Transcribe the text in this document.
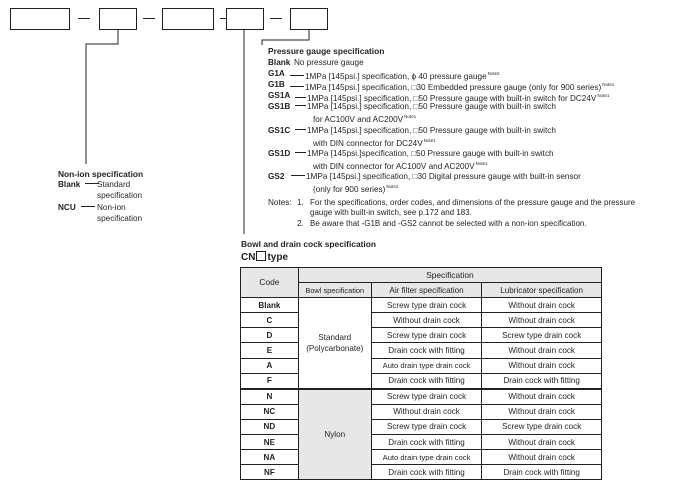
Non-ion specification
Blank	Standard
specification
NCU	Non-ion
specification
Pressure gauge specification
Blank No pressure gauge
G1A	1MPa [145psi.] specification, ϕ 40 pressure gauge$^{Note2}$
G1B	1MPa [145psi.] specification, □30 Embedded pressure gauge (only for 900 series)$^{Note1}$
GS1A	1MPa [145psi.] specification, □50 Pressure gauge with built-in switch for $DC24V^{Note1}$
GS1B	1MPa [145psi.] specification, □50 Pressure gauge with built-in switch
for AC100V and $AC200V^{Note1}$
GS1C	1MPa [145psi.] specification, □50 Pressure gauge with built-in switch
with DIN connector for $DC24V^{Note1}$
GS1D	1MPa [145psi.]specification, □50 Pressure gauge with built-in switch
with DIN connector for AC100V and $AC200V^{Note1}$
GS2	1MPa [145psi.] specification, □30 Digital pressure gauge with built-in sensor
(only for 900 series)$^{Note2}$
Notes: 1. For the specifications, order codes, and dimensions of the pressure gauge and the pressure
gauge with built-in switch, see p.172 and 183.
2. Be aware that -G1B and -GS2 cannot be selected with a non-ion specification.
Bowl and drain cock specification
CN type
Code	Specification		
	Bowl specification	Air filter specification	Lubricator specification
Blank	Standard
(Polycarbonate)	Screw type drain cock	Without drain cock
C		Without drain cock	Without drain cock
D		Screw type drain cock	Screw type drain cock
E		Drain cock with fitting	Without drain cock
A		Auto drain type drain cock	Without drain cock
F		Drain cock with fitting	Drain cock with fitting
N	Nylon	Screw type drain cock	Without drain cock
NC		Without drain cock	Without drain cock
ND		Screw type drain cock	Screw type drain cock
NE		Drain cock with fitting	Without drain cock
NA		Auto drain type drain cock	Without drain cock
NF		Drain cock with fitting	Drain cock with fitting
